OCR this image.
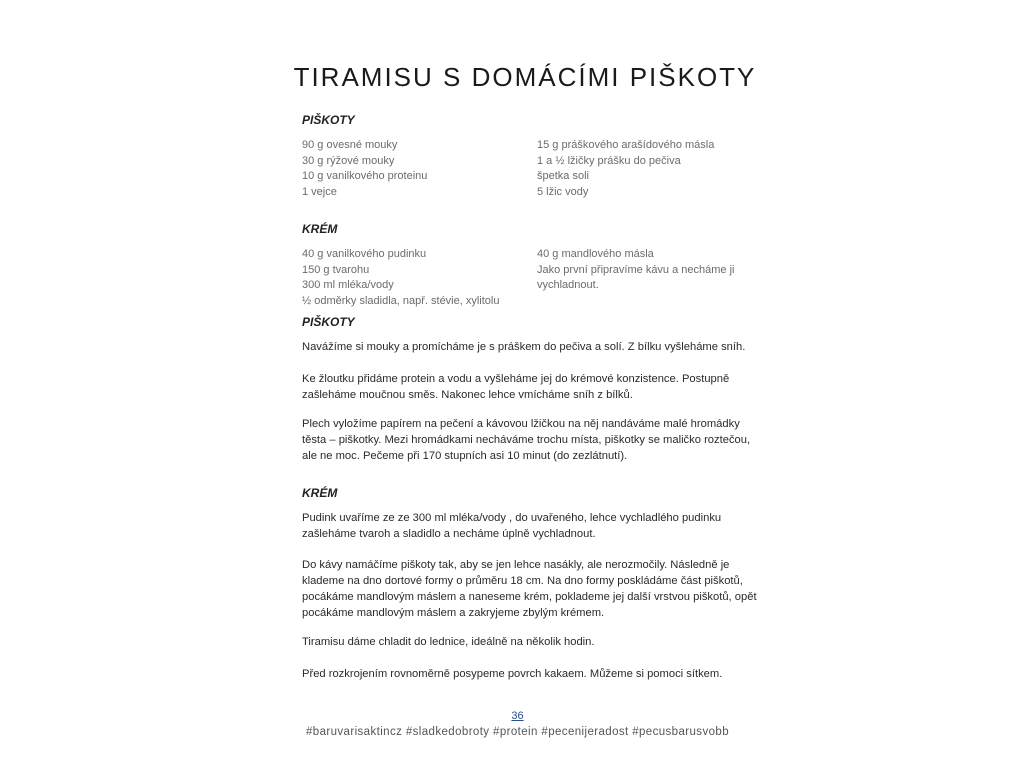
TIRAMISU S DOMÁCÍMI PIŠKOTY
PIŠKOTY
90 g ovesné mouky
30 g rýžové mouky
10 g vanilkového proteinu
1 vejce
15 g práškového arašídového másla
1 a ½ lžičky prášku do pečiva
špetka soli
5 lžic vody
KRÉM
40 g vanilkového pudinku
150 g tvarohu
300 ml mléka/vody
½ odměrky sladidla, např. stévie, xylitolu
40 g mandlového másla
Jako první připravíme kávu a necháme ji
vychladnout.
PIŠKOTY

Navážíme si mouky a promícháme je s práškem do pečiva a solí. Z bílku vyšleháme sníh.

Ke žloutku přidáme protein a vodu a vyšleháme jej do krémové konzistence. Postupně zašleháme moučnou směs. Nakonec lehce vmícháme sníh z bílků.

Plech vyložíme papírem na pečení a kávovou lžičkou na něj nandáváme malé hromádky těsta – piškotky. Mezi hromádkami necháváme trochu místa, piškotky se maličko roztečou, ale ne moc. Pečeme při 170 stupních asi 10 minut (do zezlátnutí).

KRÉM

Pudink uvaříme ze ze 300 ml mléka/vody , do uvařeného, lehce vychladlého pudinku zašleháme tvaroh a sladidlo a necháme úplně vychladnout.

Do kávy namáčíme piškoty tak, aby se jen lehce nasákly, ale nerozmočily. Následně je klademe na dno dortové formy o průměru 18 cm. Na dno formy poskládáme část piškotů, pocákáme mandlovým máslem a naneseme krém, poklademe jej další vrstvou piškotů, opět pocákáme mandlovým máslem a zakryjeme zbylým krémem.

Tiramisu dáme chladit do lednice, ideálně na několik hodin.

Před rozkrojením rovnoměrně posypeme povrch kakaem. Můžeme si pomoci sítkem.

36
#baruvarisaktincz #sladkedobroty #protein #pecenijeradost #pecusbarusvobb
